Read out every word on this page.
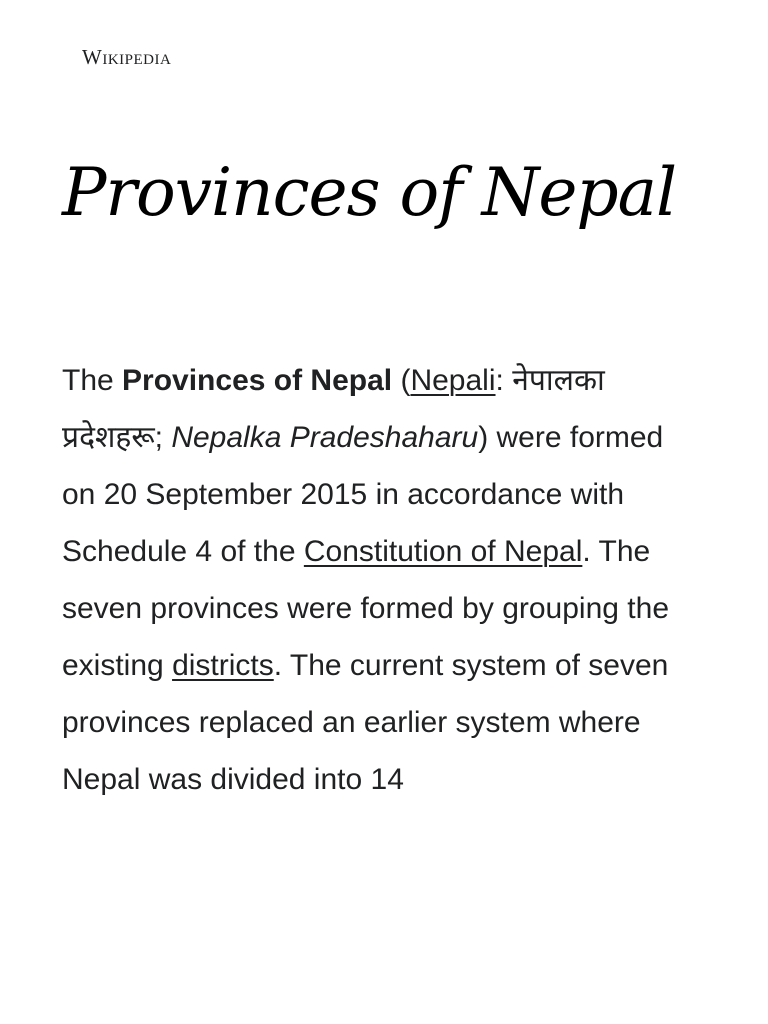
Wikipedia
Provinces of Nepal

The Provinces of Nepal (Nepali: नेपालका प्रदेशहरू; Nepalka Pradeshaharu) were formed on 20 September 2015 in accordance with Schedule 4 of the Constitution of Nepal. The seven provinces were formed by grouping the existing districts. The current system of seven provinces replaced an earlier system where Nepal was divided into 14
